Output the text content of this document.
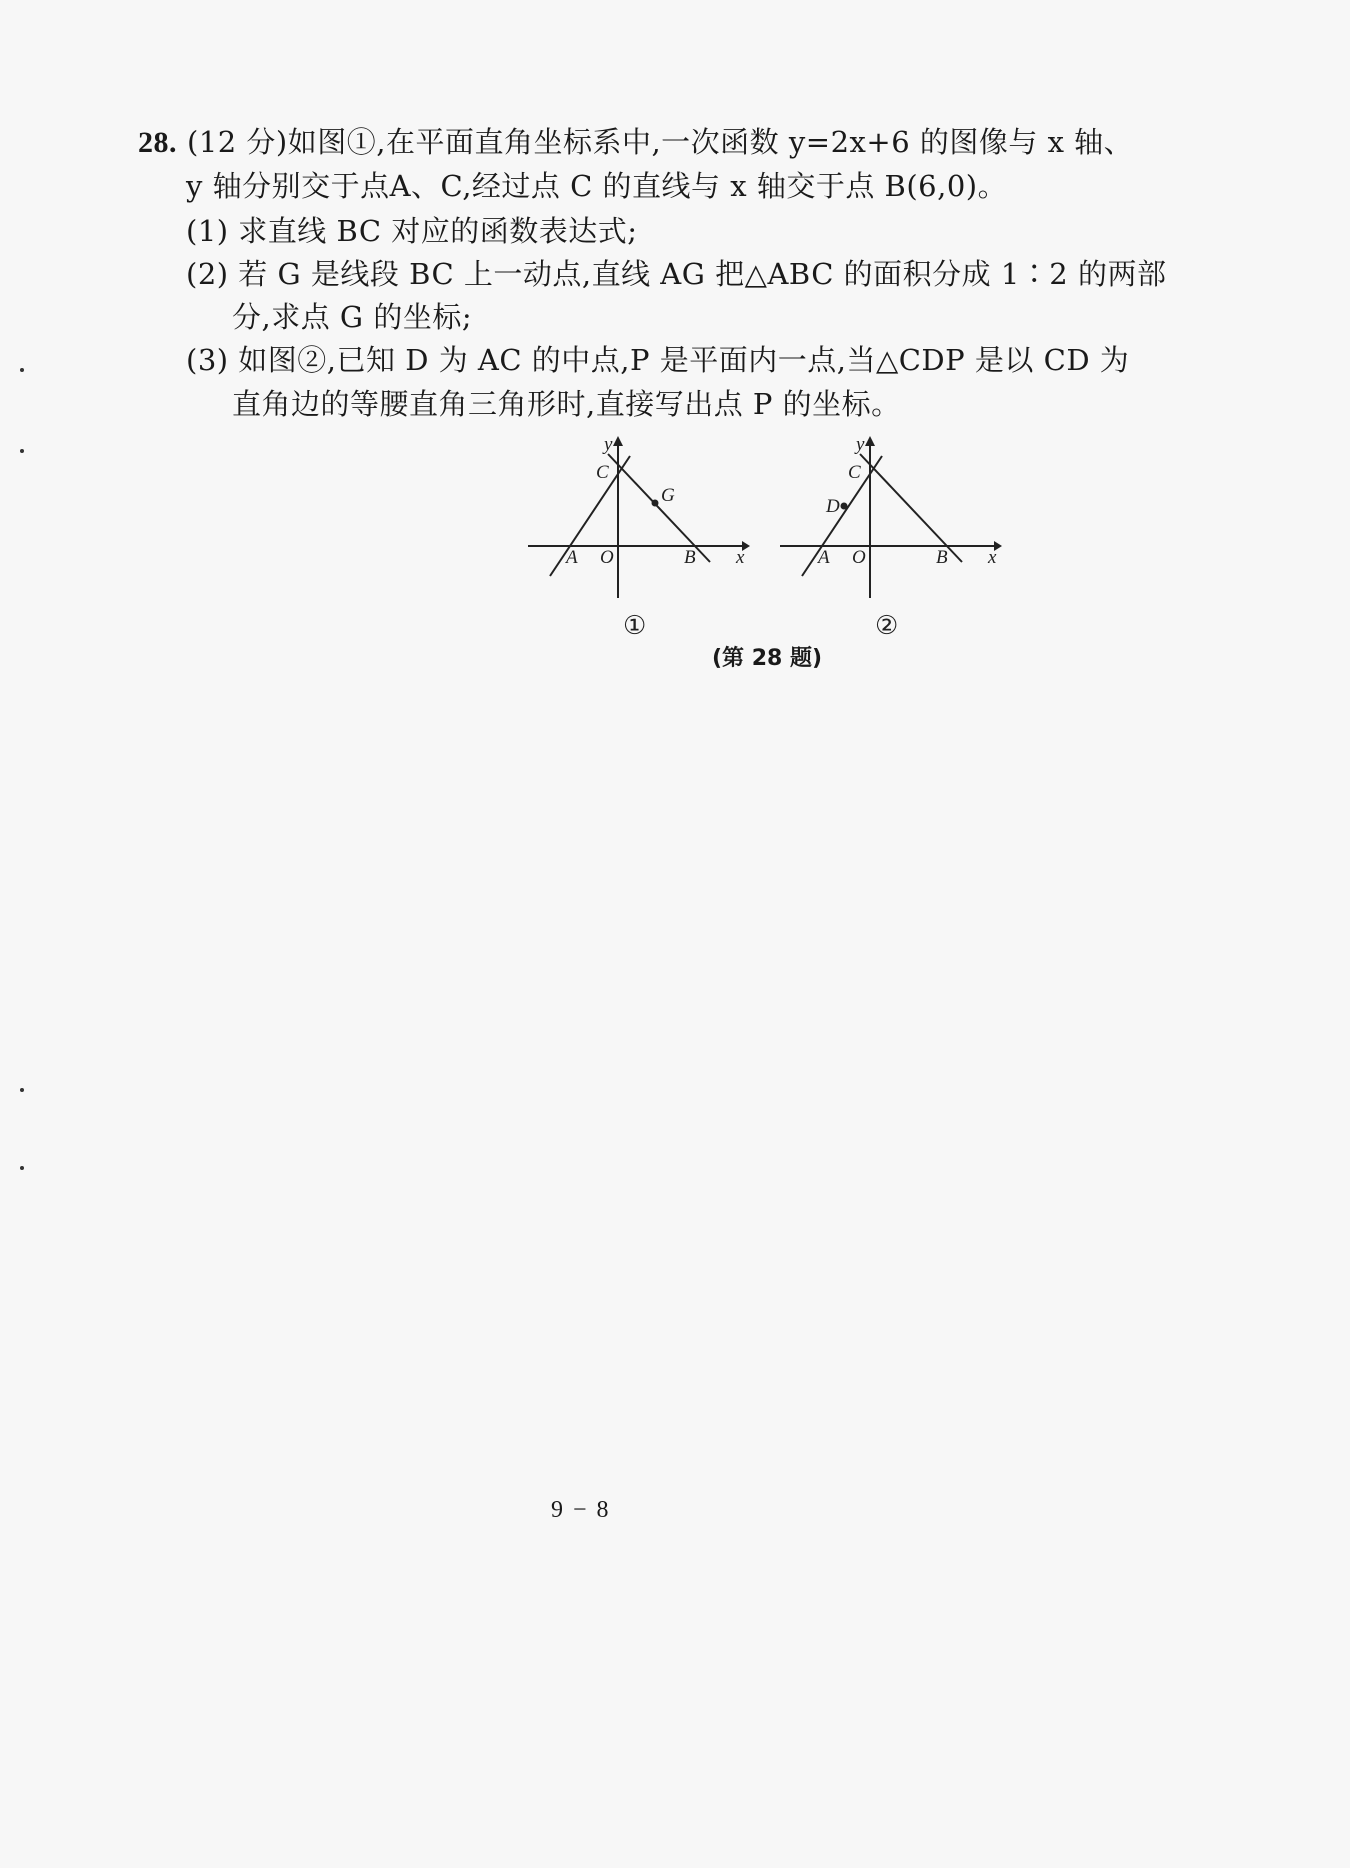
28. (12 分)如图①,在平面直角坐标系中,一次函数 y=2x+6 的图像与 x 轴、
y 轴分别交于点A、C,经过点 C 的直线与 x 轴交于点 B(6,0)。
(1) 求直线 BC 对应的函数表达式;
(2) 若 G 是线段 BC 上一动点,直线 AG 把△ABC 的面积分成 1∶2 的两部
分,求点 G 的坐标;
(3) 如图②,已知 D 为 AC 的中点,P 是平面内一点,当△CDP 是以 CD 为
直角边的等腰直角三角形时,直接写出点 P 的坐标。
y
x
C
G
A O	B
①
y
x
C
D
A O	B
②
(第 28 题)
9 − 8
